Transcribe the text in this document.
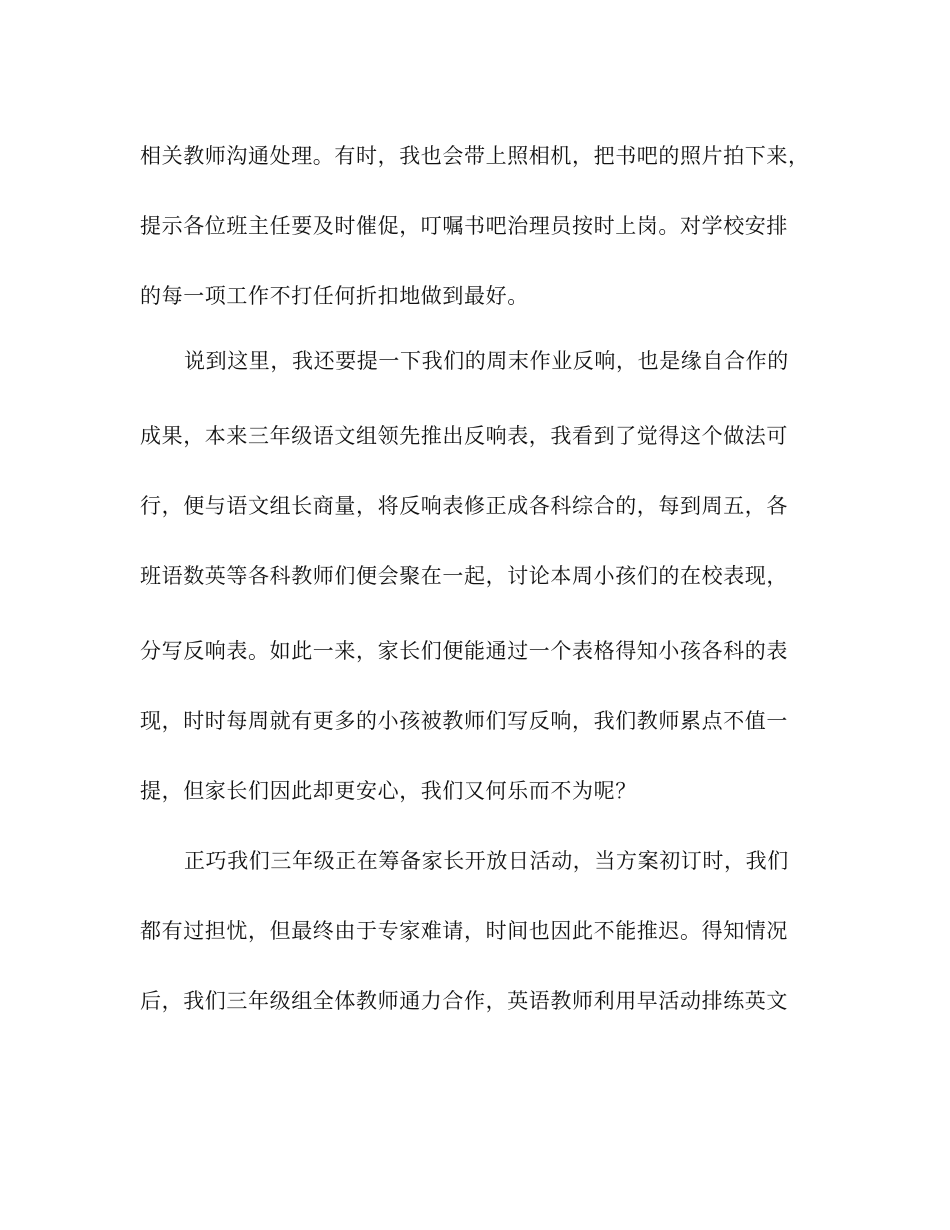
相关教师沟通处理。有时，我也会带上照相机，把书吧的照片拍下来，
提示各位班主任要及时催促，叮嘱书吧治理员按时上岗。对学校安排
的每一项工作不打任何折扣地做到最好。
说到这里，我还要提一下我们的周末作业反响，也是缘自合作的
成果，本来三年级语文组领先推出反响表，我看到了觉得这个做法可
行，便与语文组长商量，将反响表修正成各科综合的，每到周五，各
班语数英等各科教师们便会聚在一起，讨论本周小孩们的在校表现，
分写反响表。如此一来，家长们便能通过一个表格得知小孩各科的表
现，时时每周就有更多的小孩被教师们写反响，我们教师累点不值一
提，但家长们因此却更安心，我们又何乐而不为呢？
正巧我们三年级正在筹备家长开放日活动，当方案初订时，我们
都有过担忧，但最终由于专家难请，时间也因此不能推迟。得知情况
后，我们三年级组全体教师通力合作，英语教师利用早活动排练英文
